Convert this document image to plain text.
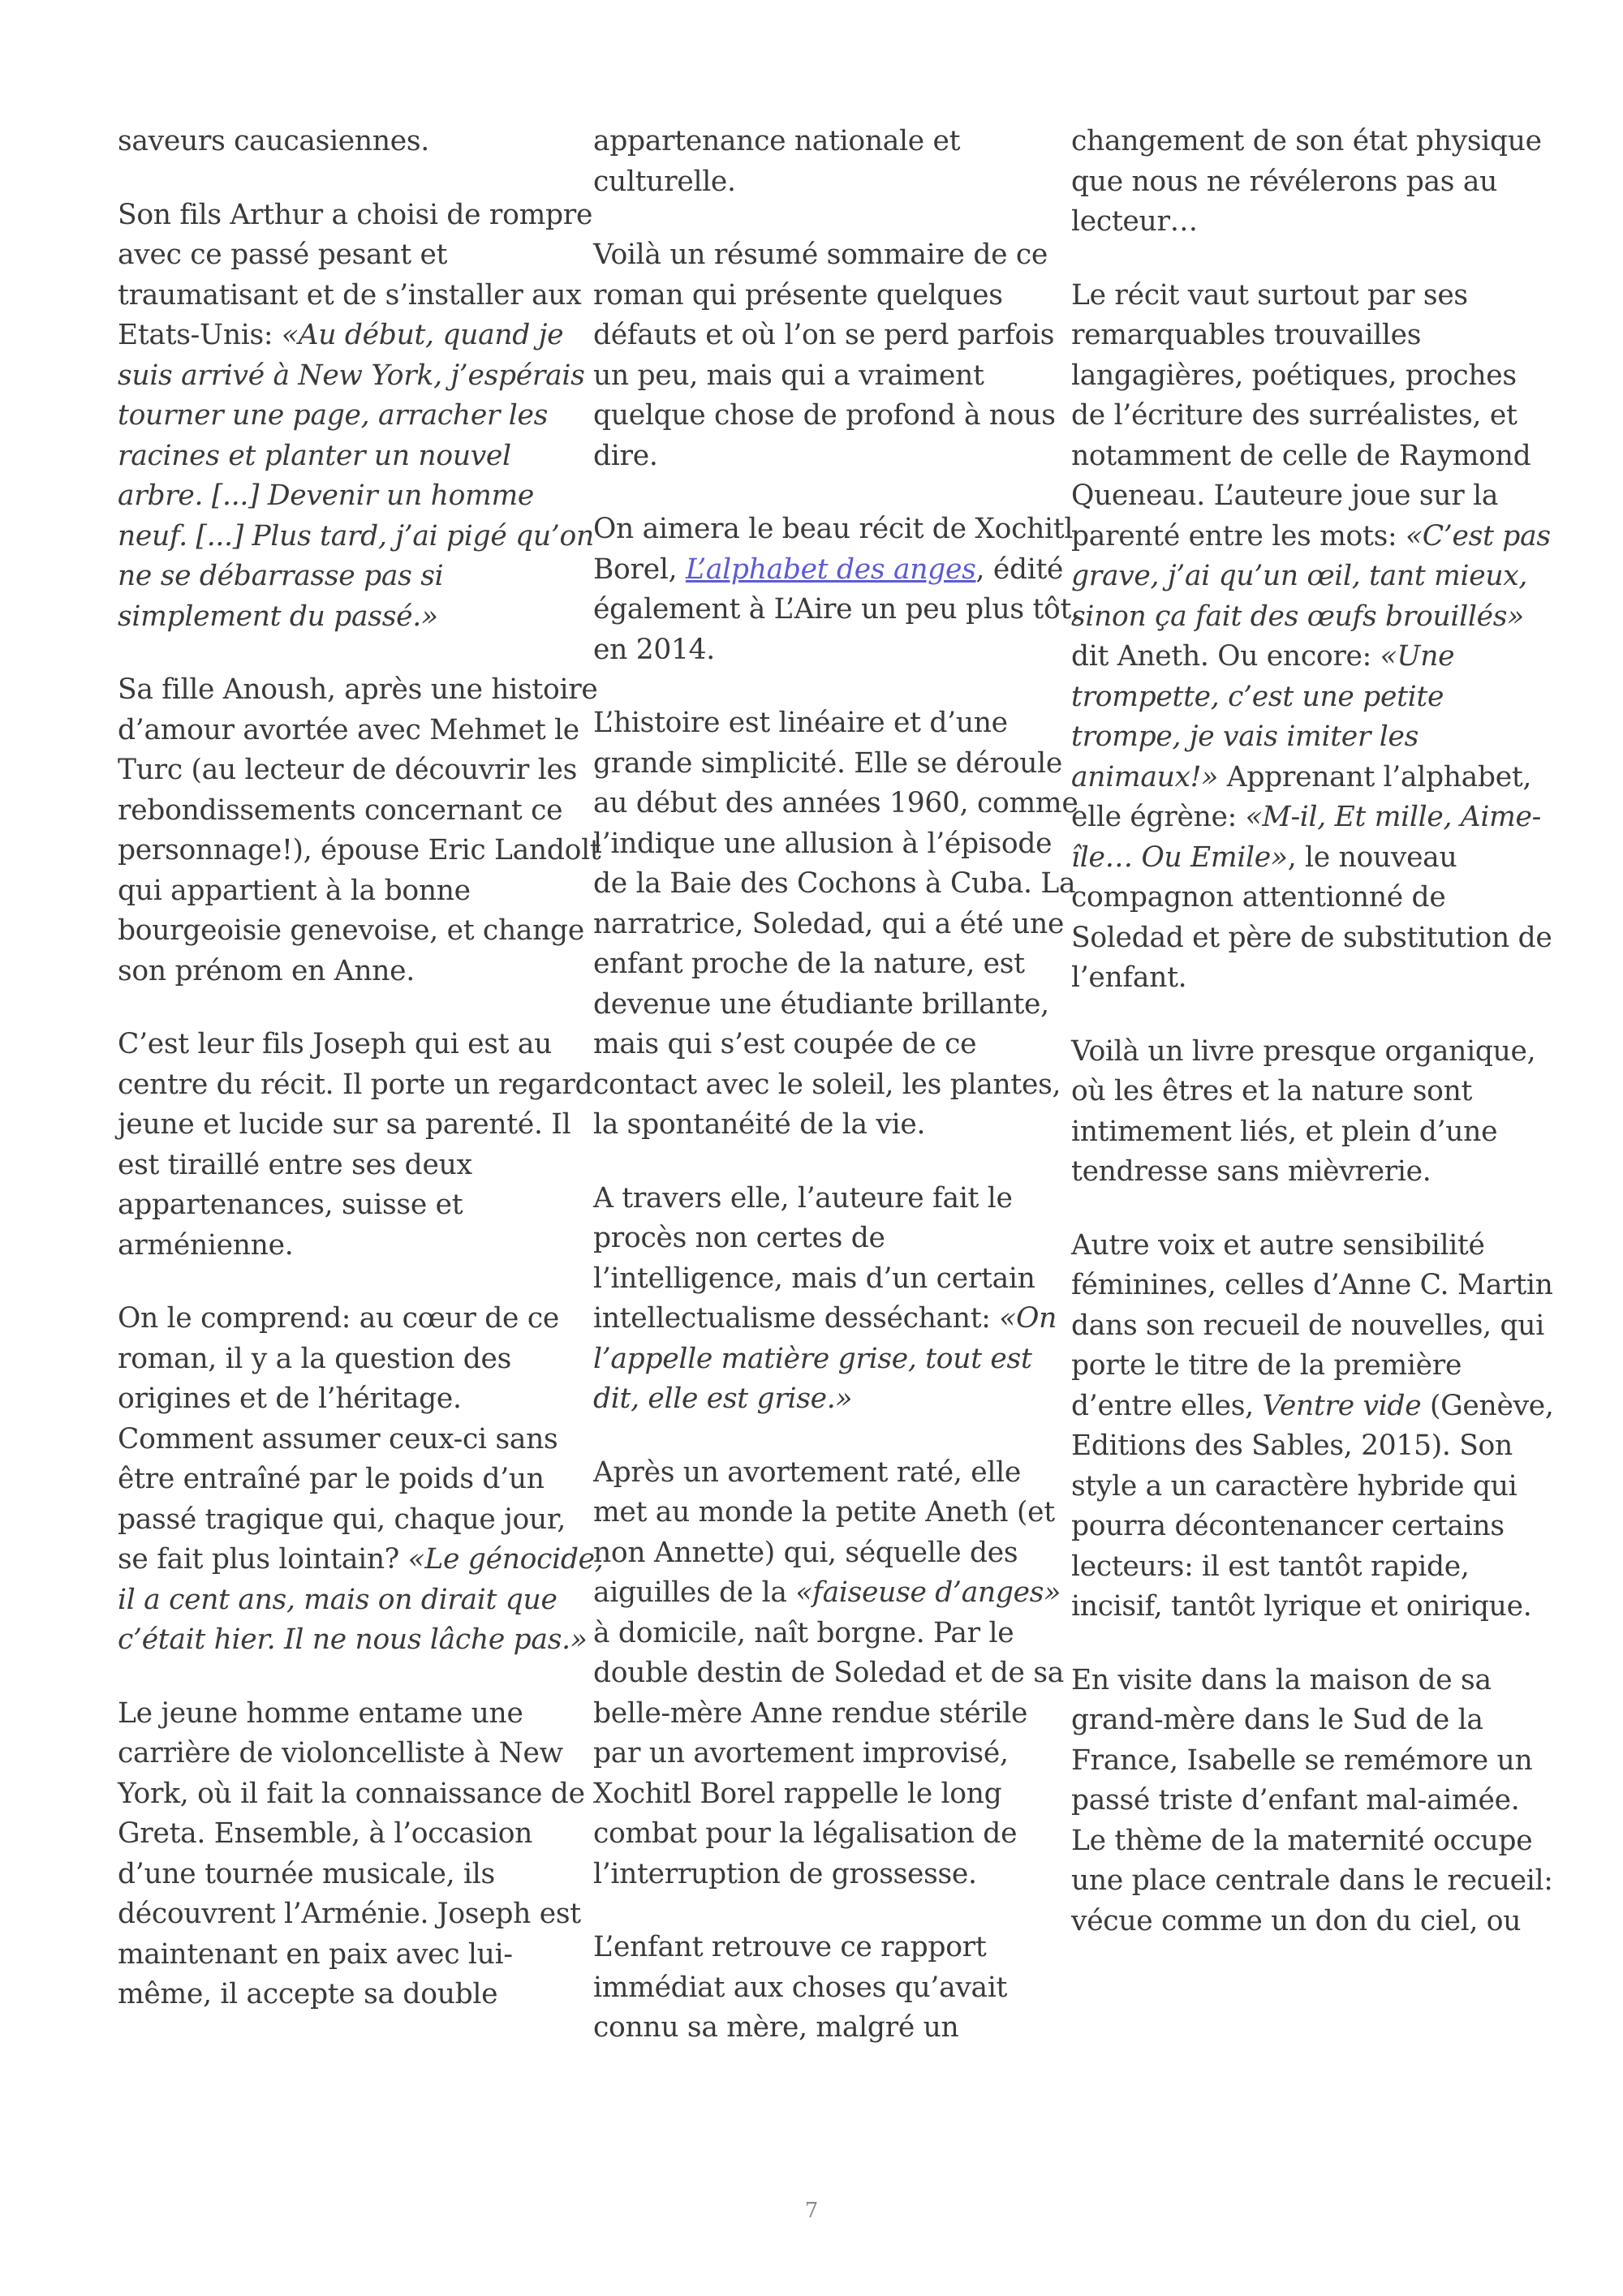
saveurs caucasiennes.

Son fils Arthur a choisi de rompre avec ce passé pesant et traumatisant et de s’installer aux Etats-Unis: «Au début, quand je suis arrivé à New York, j’espérais tourner une page, arracher les racines et planter un nouvel arbre. [...] Devenir un homme neuf. [...] Plus tard, j’ai pigé qu’on ne se débarrasse pas si simplement du passé.»

Sa fille Anoush, après une histoire d’amour avortée avec Mehmet le Turc (au lecteur de découvrir les rebondissements concernant ce personnage!), épouse Eric Landolt qui appartient à la bonne bourgeoisie genevoise, et change son prénom en Anne.

C’est leur fils Joseph qui est au centre du récit. Il porte un regard jeune et lucide sur sa parenté. Il est tiraillé entre ses deux appartenances, suisse et arménienne.

On le comprend: au cœur de ce roman, il y a la question des origines et de l’héritage. Comment assumer ceux-ci sans être entraîné par le poids d’un passé tragique qui, chaque jour, se fait plus lointain? «Le génocide, il a cent ans, mais on dirait que c’était hier. Il ne nous lâche pas.»

Le jeune homme entame une carrière de violoncelliste à New York, où il fait la connaissance de Greta. Ensemble, à l’occasion d’une tournée musicale, ils découvrent l’Arménie. Joseph est maintenant en paix avec lui-même, il accepte sa double

appartenance nationale et culturelle.

Voilà un résumé sommaire de ce roman qui présente quelques défauts et où l’on se perd parfois un peu, mais qui a vraiment quelque chose de profond à nous dire.

On aimera le beau récit de Xochitl Borel, L’alphabet des anges, édité également à L’Aire un peu plus tôt, en 2014.

L’histoire est linéaire et d’une grande simplicité. Elle se déroule au début des années 1960, comme l’indique une allusion à l’épisode de la Baie des Cochons à Cuba. La narratrice, Soledad, qui a été une enfant proche de la nature, est devenue une étudiante brillante, mais qui s’est coupée de ce contact avec le soleil, les plantes, la spontanéité de la vie.

A travers elle, l’auteure fait le procès non certes de l’intelligence, mais d’un certain intellectualisme desséchant: «On l’appelle matière grise, tout est dit, elle est grise.»

Après un avortement raté, elle met au monde la petite Aneth (et non Annette) qui, séquelle des aiguilles de la «faiseuse d’anges» à domicile, naît borgne. Par le double destin de Soledad et de sa belle-mère Anne rendue stérile par un avortement improvisé, Xochitl Borel rappelle le long combat pour la légalisation de l’interruption de grossesse.

L’enfant retrouve ce rapport immédiat aux choses qu’avait connu sa mère, malgré un

changement de son état physique que nous ne révélerons pas au lecteur…

Le récit vaut surtout par ses remarquables trouvailles langagières, poétiques, proches de l’écriture des surréalistes, et notamment de celle de Raymond Queneau. L’auteure joue sur la parenté entre les mots: «C’est pas grave, j’ai qu’un œil, tant mieux, sinon ça fait des œufs brouillés» dit Aneth. Ou encore: «Une trompette, c’est une petite trompe, je vais imiter les animaux!» Apprenant l’alphabet, elle égrène: «M-il, Et mille, Aime-île… Ou Emile», le nouveau compagnon attentionné de Soledad et père de substitution de l’enfant.

Voilà un livre presque organique, où les êtres et la nature sont intimement liés, et plein d’une tendresse sans mièvrerie.

Autre voix et autre sensibilité féminines, celles d’Anne C. Martin dans son recueil de nouvelles, qui porte le titre de la première d’entre elles, Ventre vide (Genève, Editions des Sables, 2015). Son style a un caractère hybride qui pourra décontenancer certains lecteurs: il est tantôt rapide, incisif, tantôt lyrique et onirique.

En visite dans la maison de sa grand-mère dans le Sud de la France, Isabelle se remémore un passé triste d’enfant mal-aimée. Le thème de la maternité occupe une place centrale dans le recueil: vécue comme un don du ciel, ou

7
